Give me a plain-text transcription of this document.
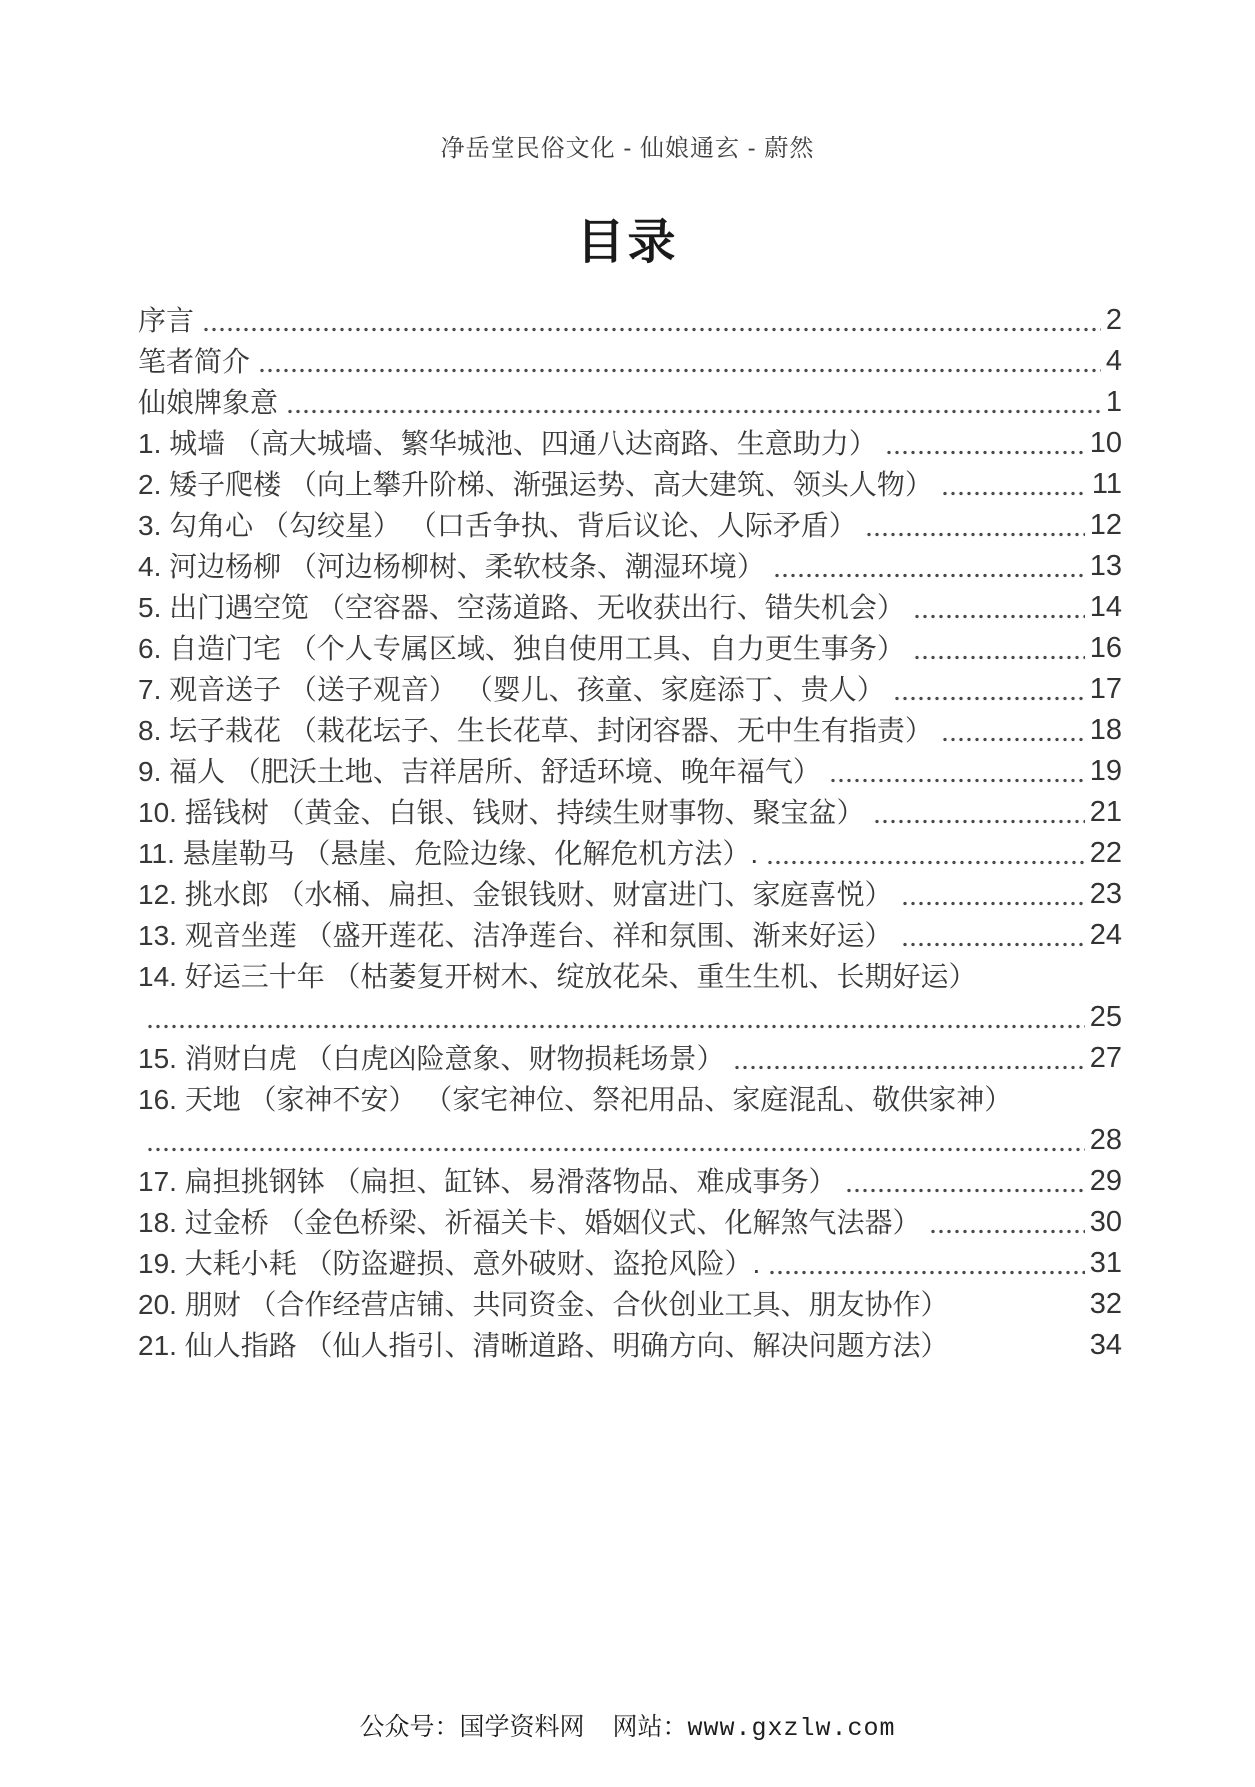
净岳堂民俗文化 - 仙娘通玄 - 蔚然
目录
序言	2
笔者简介	4
仙娘牌象意	1
1. 城墙 （高大城墙、繁华城池、四通八达商路、生意助力）	10
2. 矮子爬楼 （向上攀升阶梯、渐强运势、高大建筑、领头人物）	11
3. 勾角心 （勾绞星） （口舌争执、背后议论、人际矛盾）	12
4. 河边杨柳 （河边杨柳树、柔软枝条、潮湿环境）	13
5. 出门遇空笕 （空容器、空荡道路、无收获出行、错失机会）	14
6. 自造门宅 （个人专属区域、独自使用工具、自力更生事务）	16
7. 观音送子 （送子观音） （婴儿、孩童、家庭添丁、贵人）	17
8. 坛子栽花 （栽花坛子、生长花草、封闭容器、无中生有指责）	18
9. 福人 （肥沃土地、吉祥居所、舒适环境、晚年福气）	19
10. 摇钱树 （黄金、白银、钱财、持续生财事物、聚宝盆）	21
11. 悬崖勒马 （悬崖、危险边缘、化解危机方法）.	22
12. 挑水郎 （水桶、扁担、金银钱财、财富进门、家庭喜悦）	23
13. 观音坐莲 （盛开莲花、洁净莲台、祥和氛围、渐来好运）	24
14. 好运三十年 （枯萎复开树木、绽放花朵、重生生机、长期好运）
25
15. 消财白虎 （白虎凶险意象、财物损耗场景）	27
16. 天地 （家神不安） （家宅神位、祭祀用品、家庭混乱、敬供家神）
28
17. 扁担挑钢钵 （扁担、缸钵、易滑落物品、难成事务）	29
18. 过金桥 （金色桥梁、祈福关卡、婚姻仪式、化解煞气法器）	30
19. 大耗小耗 （防盗避损、意外破财、盗抢风险）.	31
20. 朋财 （合作经营店铺、共同资金、合伙创业工具、朋友协作）	32
21. 仙人指路 （仙人指引、清晰道路、明确方向、解决问题方法）	34
公众号：国学资料网 网站：www.gxzlw.com
